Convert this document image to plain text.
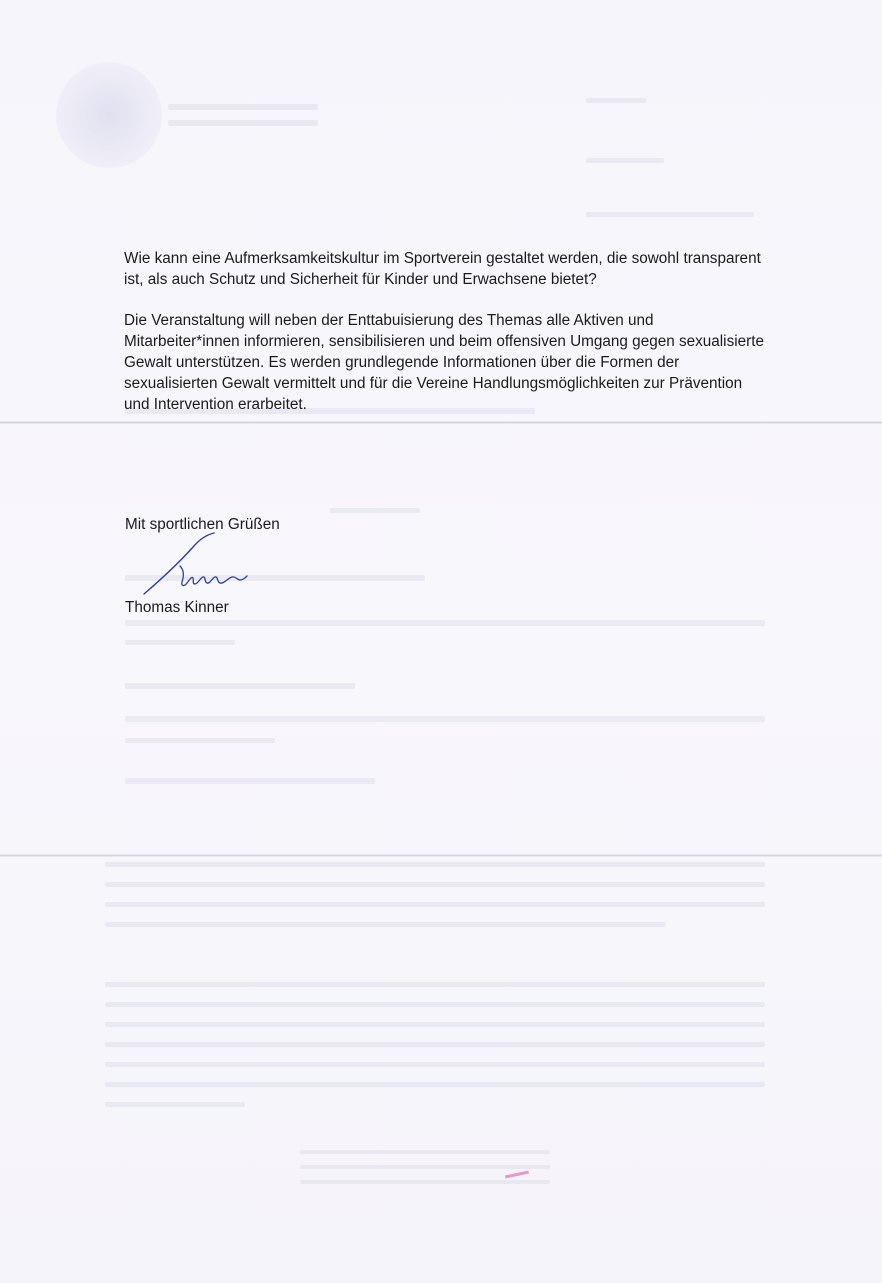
Wie kann eine Aufmerksamkeitskultur im Sportverein gestaltet werden, die sowohl transparent ist, als auch Schutz und Sicherheit für Kinder und Erwachsene bietet?

Die Veranstaltung will neben der Enttabuisierung des Themas alle Aktiven und Mitarbeiter*innen informieren, sensibilisieren und beim offensiven Umgang gegen sexualisierte Gewalt unterstützen. Es werden grundlegende Informationen über die Formen der sexualisierten Gewalt vermittelt und für die Vereine Handlungsmöglichkeiten zur Prävention und Intervention erarbeitet.

Mit sportlichen Grüßen
Thomas Kinner
